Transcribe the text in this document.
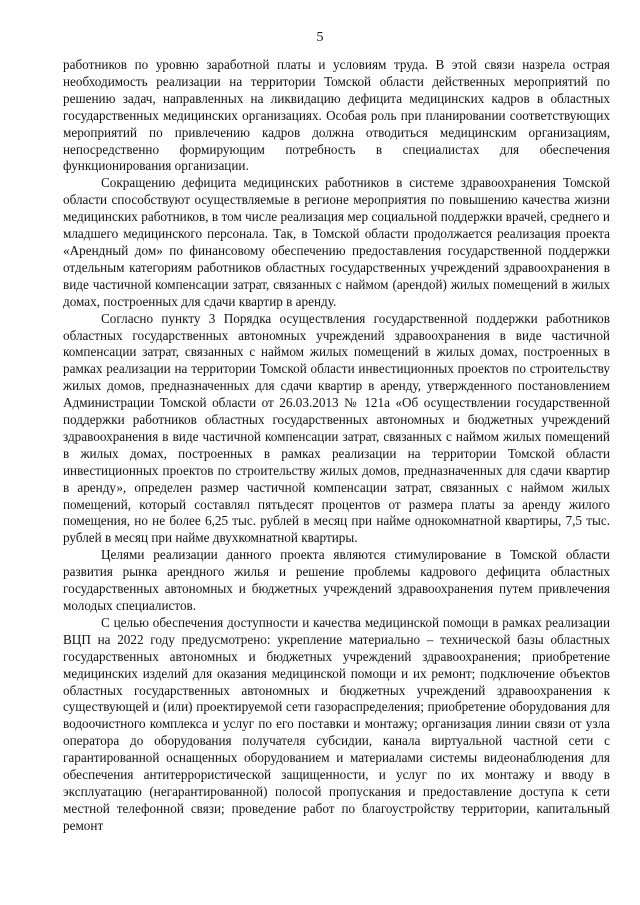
5

работников по уровню заработной платы и условиям труда. В этой связи назрела острая необходимость реализации на территории Томской области действенных мероприятий по решению задач, направленных на ликвидацию дефицита медицинских кадров в областных государственных медицинских организациях. Особая роль при планировании соответствующих мероприятий по привлечению кадров должна отводиться медицинским организациям, непосредственно формирующим потребность в специалистах для обеспечения функционирования организации.

Сокращению дефицита медицинских работников в системе здравоохранения Томской области способствуют осуществляемые в регионе мероприятия по повышению качества жизни медицинских работников, в том числе реализация мер социальной поддержки врачей, среднего и младшего медицинского персонала. Так, в Томской области продолжается реализация проекта «Арендный дом» по финансовому обеспечению предоставления государственной поддержки отдельным категориям работников областных государственных учреждений здравоохранения в виде частичной компенсации затрат, связанных с наймом (арендой) жилых помещений в жилых домах, построенных для сдачи квартир в аренду.

Согласно пункту 3 Порядка осуществления государственной поддержки работников областных государственных автономных учреждений здравоохранения в виде частичной компенсации затрат, связанных с наймом жилых помещений в жилых домах, построенных в рамках реализации на территории Томской области инвестиционных проектов по строительству жилых домов, предназначенных для сдачи квартир в аренду, утвержденного постановлением Администрации Томской области от 26.03.2013 № 121а «Об осуществлении государственной поддержки работников областных государственных автономных и бюджетных учреждений здравоохранения в виде частичной компенсации затрат, связанных с наймом жилых помещений в жилых домах, построенных в рамках реализации на территории Томской области инвестиционных проектов по строительству жилых домов, предназначенных для сдачи квартир в аренду», определен размер частичной компенсации затрат, связанных с наймом жилых помещений, который составлял пятьдесят процентов от размера платы за аренду жилого помещения, но не более 6,25 тыс. рублей в месяц при найме однокомнатной квартиры, 7,5 тыс. рублей в месяц при найме двухкомнатной квартиры.

Целями реализации данного проекта являются стимулирование в Томской области развития рынка арендного жилья и решение проблемы кадрового дефицита областных государственных автономных и бюджетных учреждений здравоохранения путем привлечения молодых специалистов.

С целью обеспечения доступности и качества медицинской помощи в рамках реализации ВЦП на 2022 году предусмотрено: укрепление материально – технической базы областных государственных автономных и бюджетных учреждений здравоохранения; приобретение медицинских изделий для оказания медицинской помощи и их ремонт; подключение объектов областных государственных автономных и бюджетных учреждений здравоохранения к существующей и (или) проектируемой сети газораспределения; приобретение оборудования для водоочистного комплекса и услуг по его поставки и монтажу; организация линии связи от узла оператора до оборудования получателя субсидии, канала виртуальной частной сети с гарантированной оснащенных оборудованием и материалами системы видеонаблюдения для обеспечения антитеррористической защищенности, и услуг по их монтажу и вводу в эксплуатацию (негарантированной) полосой пропускания и предоставление доступа к сети местной телефонной связи; проведение работ по благоустройству территории, капитальный ремонт
